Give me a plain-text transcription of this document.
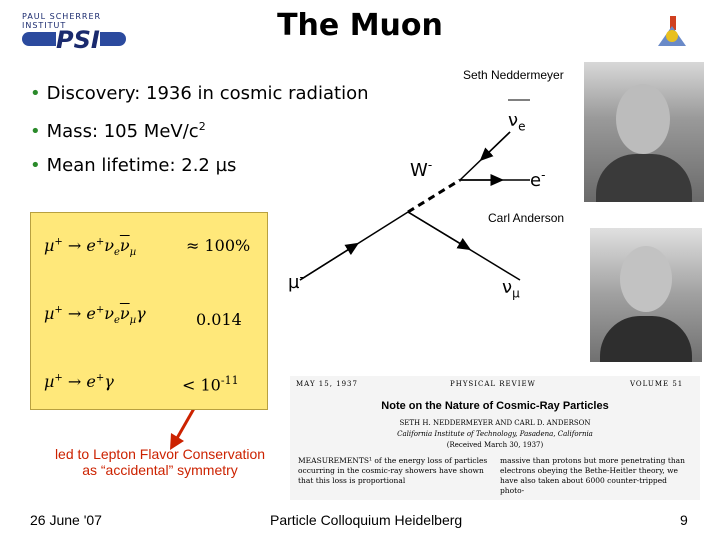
PAUL SCHERRER INSTITUT
PSI	The Muon
• Discovery: 1936 in cosmic radiation
• Mass: 105 MeV/$c^2$
• Mean lifetime: 2.2 µs
Seth Neddermeyer
Carl Anderson
$\nu_e$
W-
e-
µ-	$\nu_\mu$
$\mu^+ \to e^+\nu_e\overline{\nu}_\mu$	≈ 100%
$\mu^+ \to e^+\nu_e\overline{\nu}_\mu\gamma$	0.014
µ+ → e+γ	< $10^{-11}$
led to Lepton Flavor Conservation
as “accidental” symmetry
MAY 15, 1937	PHYSICAL REVIEW	VOLUME 51
Note on the Nature of Cosmic-Ray Particles
SETH H. NEDDERMEYER AND CARL D. ANDERSON
California Institute of Technology, Pasadena, California
(Received March 30, 1937)
MEASUREMENTS¹ of the energy loss of particles occurring in the cosmic-ray showers have shown that this loss is proportional
massive than protons but more penetrating than electrons obeying the Bethe-Heitler theory, we have also taken about 6000 counter-tripped photo-
26 June '07	Particle Colloquium Heidelberg	9
